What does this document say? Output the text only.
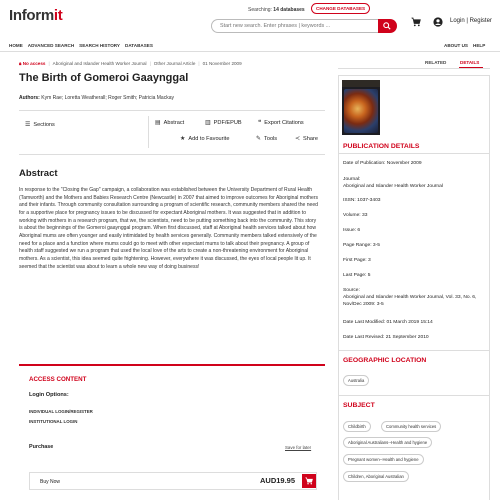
Informit	Searching: 14 databases	CHANGE DATABASES
Start new search. Enter phrases | keywords ...
Login | Register
HOME ADVANCED SEARCH SEARCH HISTORY DATABASES	ABOUT US HELP
🔒︎ No access | Aboriginal and Islander Health Worker Journal | Other Journal Article | 01 November 2009
The Birth of Gomeroi Gaaynggal
Authors: Kym Rae; Loretta Weatherall; Roger Smith; Patricia Mackay
☰ Sections	▤ Abstract	▥ PDF/EPUB	❝ Export Citations
★ Add to Favourite	✎ Tools	≺ Share
Abstract
In response to the "Closing the Gap" campaign, a collaboration was established between the University Department of Rural Health (Tamworth) and the Mothers and Babies Research Centre (Newcastle) in 2007 that aimed to improve outcomes for Aboriginal mothers and their infants. Through community consultation surrounding a program of scientific research, community members shared the need for a supportive place for pregnancy issues to be discussed for expectant Aboriginal mothers. It was suggested that in addition to working with mothers in a research program, that we, the scientists, need to be putting something back into the community. This story is about the beginnings of the Gomeroi gaaynggal program. When first discussed, staff at Aboriginal health services talked about how Aboriginal mums are often younger and easily intimidated by health services generally. Community members talked extensively of the need for a place and a function where mums could go to meet with other expectant mums to talk about their pregnancy. A group of health staff suggested we run a program that used the local love of the arts to create a non-threatening environment for Aboriginal mothers. As a scientist, this idea seemed quite frightening. However, everywhere it was discussed, the eyes of local people lit up. It seemed that the scientist was about to learn a whole new way of doing business!
ACCESS CONTENT
Login Options:
INDIVIDUAL LOGIN/REGISTER
INSTITUTIONAL LOGIN
Purchase	Save for later
Buy Now	AUD19.95
RELATED	DETAILS
PUBLICATION DETAILS
Date of Publication: November 2009
Journal:
Aboriginal and Islander Health Worker Journal
ISSN: 1037-3403
Volume: 33
Issue: 6
Page Range: 3-5
First Page: 3
Last Page: 5
Source:
Aboriginal and Islander Health Worker Journal, Vol. 33, No. 6, Nov/Dec 2009: 3-5
Date Last Modified: 01 March 2019 15:14
Date Last Revised: 21 September 2010
GEOGRAPHIC LOCATION
Australia
SUBJECT
Childbirth	Community health services
Aboriginal Australians--Health and hygiene
Pregnant women--Health and hygiene
Children, Aboriginal Australian
